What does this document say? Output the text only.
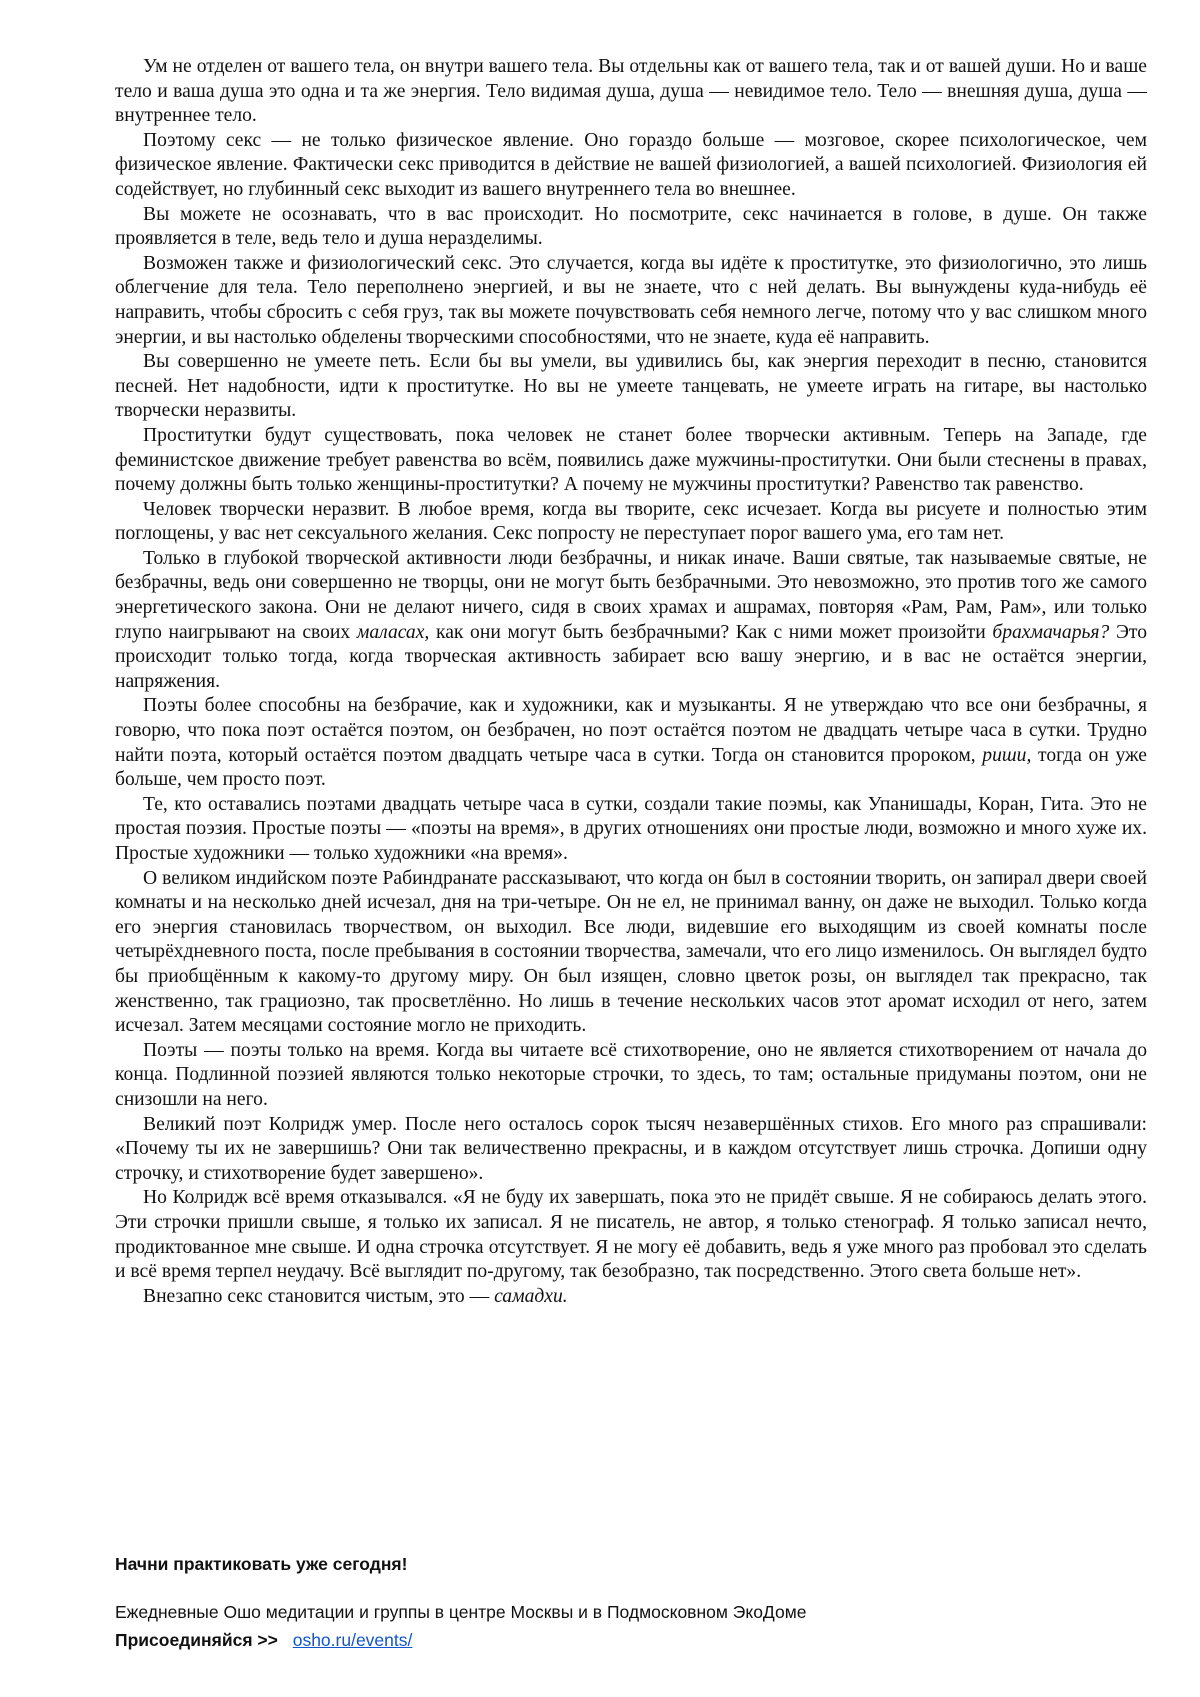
Ум не отделен от вашего тела, он внутри вашего тела. Вы отдельны как от вашего тела, так и от вашей души. Но и ваше тело и ваша душа это одна и та же энергия. Тело видимая душа, душа — невидимое тело. Тело — внешняя душа, душа — внутреннее тело.

Поэтому секс — не только физическое явление. Оно гораздо больше — мозговое, скорее психологическое, чем физическое явление. Фактически секс приводится в действие не вашей физиологией, а вашей психологией. Физиология ей содействует, но глубинный секс выходит из вашего внутреннего тела во внешнее.

Вы можете не осознавать, что в вас происходит. Но посмотрите, секс начинается в голове, в душе. Он также проявляется в теле, ведь тело и душа неразделимы.

Возможен также и физиологический секс. Это случается, когда вы идёте к проститутке, это физиологично, это лишь облегчение для тела. Тело переполнено энергией, и вы не знаете, что с ней делать. Вы вынуждены куда-нибудь её направить, чтобы сбросить с себя груз, так вы можете почувствовать себя немного легче, потому что у вас слишком много энергии, и вы настолько обделены творческими способностями, что не знаете, куда её направить.

Вы совершенно не умеете петь. Если бы вы умели, вы удивились бы, как энергия переходит в песню, становится песней. Нет надобности, идти к проститутке. Но вы не умеете танцевать, не умеете играть на гитаре, вы настолько творчески неразвиты.

Проститутки будут существовать, пока человек не станет более творчески активным. Теперь на Западе, где феминистское движение требует равенства во всём, появились даже мужчины-проститутки. Они были стеснены в правах, почему должны быть только женщины-проститутки? А почему не мужчины проститутки? Равенство так равенство.

Человек творчески неразвит. В любое время, когда вы творите, секс исчезает. Когда вы рисуете и полностью этим поглощены, у вас нет сексуального желания. Секс попросту не переступает порог вашего ума, его там нет.

Только в глубокой творческой активности люди безбрачны, и никак иначе. Ваши святые, так называемые святые, не безбрачны, ведь они совершенно не творцы, они не могут быть безбрачными. Это невозможно, это против того же самого энергетического закона. Они не делают ничего, сидя в своих храмах и ашрамах, повторяя «Рам, Рам, Рам», или только глупо наигрывают на своих маласах, как они могут быть безбрачными? Как с ними может произойти брахмачарья? Это происходит только тогда, когда творческая активность забирает всю вашу энергию, и в вас не остаётся энергии, напряжения.

Поэты более способны на безбрачие, как и художники, как и музыканты. Я не утверждаю что все они безбрачны, я говорю, что пока поэт остаётся поэтом, он безбрачен, но поэт остаётся поэтом не двадцать четыре часа в сутки. Трудно найти поэта, который остаётся поэтом двадцать четыре часа в сутки. Тогда он становится пророком, риши, тогда он уже больше, чем просто поэт.

Те, кто оставались поэтами двадцать четыре часа в сутки, создали такие поэмы, как Упанишады, Коран, Гита. Это не простая поэзия. Простые поэты — «поэты на время», в других отношениях они простые люди, возможно и много хуже их. Простые художники — только художники «на время».

О великом индийском поэте Рабиндранате рассказывают, что когда он был в состоянии творить, он запирал двери своей комнаты и на несколько дней исчезал, дня на три-четыре. Он не ел, не принимал ванну, он даже не выходил. Только когда его энергия становилась творчеством, он выходил. Все люди, видевшие его выходящим из своей комнаты после четырёхдневного поста, после пребывания в состоянии творчества, замечали, что его лицо изменилось. Он выглядел будто бы приобщённым к какому-то другому миру. Он был изящен, словно цветок розы, он выглядел так прекрасно, так женственно, так грациозно, так просветлённо. Но лишь в течение нескольких часов этот аромат исходил от него, затем исчезал. Затем месяцами состояние могло не приходить.

Поэты — поэты только на время. Когда вы читаете всё стихотворение, оно не является стихотворением от начала до конца. Подлинной поэзией являются только некоторые строчки, то здесь, то там; остальные придуманы поэтом, они не снизошли на него.

Великий поэт Колридж умер. После него осталось сорок тысяч незавершённых стихов. Его много раз спрашивали: «Почему ты их не завершишь? Они так величественно прекрасны, и в каждом отсутствует лишь строчка. Допиши одну строчку, и стихотворение будет завершено».

Но Колридж всё время отказывался. «Я не буду их завершать, пока это не придёт свыше. Я не собираюсь делать этого. Эти строчки пришли свыше, я только их записал. Я не писатель, не автор, я только стенограф. Я только записал нечто, продиктованное мне свыше. И одна строчка отсутствует. Я не могу её добавить, ведь я уже много раз пробовал это сделать и всё время терпел неудачу. Всё выглядит по-другому, так безобразно, так посредственно. Этого света больше нет».

Внезапно секс становится чистым, это — самадхи.

Начни практиковать уже сегодня!
Ежедневные Ошо медитации и группы в центре Москвы и в Подмосковном ЭкоДоме
Присоединяйся >> osho.ru/events/
